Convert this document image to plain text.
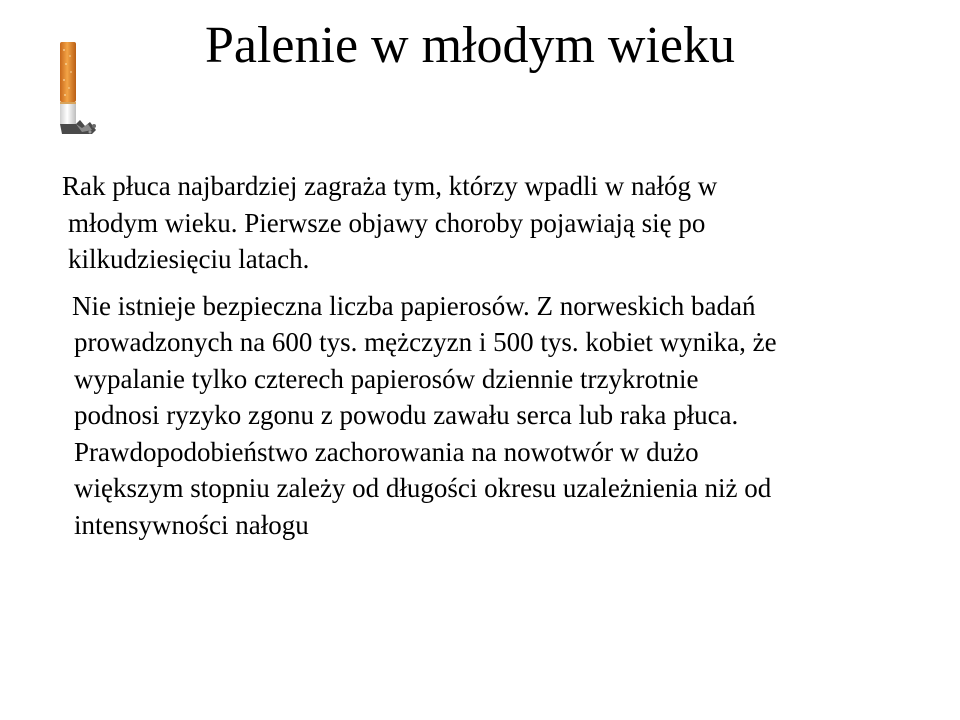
Palenie w młodym wieku

Rak płuca najbardziej zagraża tym, którzy wpadli w nałóg w
młodym wieku. Pierwsze objawy choroby pojawiają się po
kilkudziesięciu latach.

Nie istnieje bezpieczna liczba papierosów. Z norweskich badań
prowadzonych na 600 tys. mężczyzn i 500 tys. kobiet wynika, że
wypalanie tylko czterech papierosów dziennie trzykrotnie
podnosi ryzyko zgonu z powodu zawału serca lub raka płuca.
Prawdopodobieństwo zachorowania na nowotwór w dużo
większym stopniu zależy od długości okresu uzależnienia niż od
intensywności nałogu
